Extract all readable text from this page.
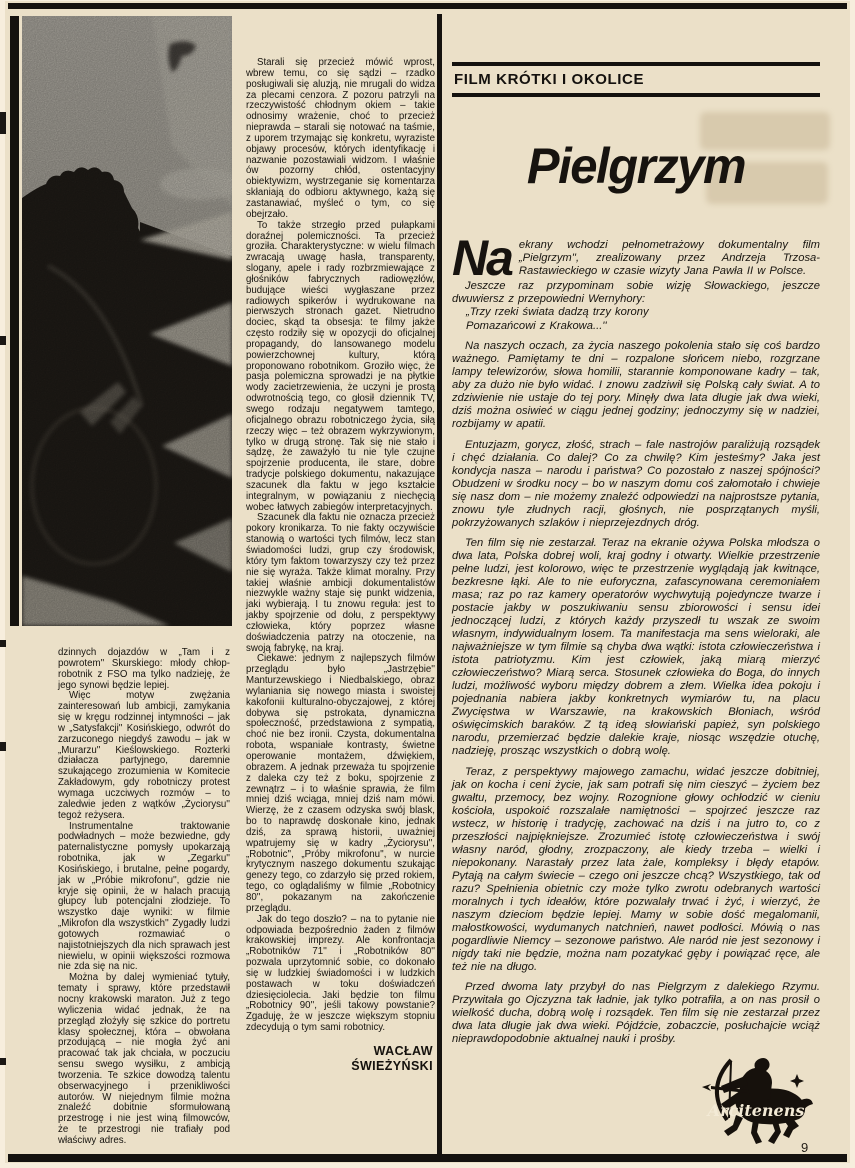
dzinnych dojazdów w „Tam i z powrotem'' Skurskiego: młody chłop-robotnik z FSO ma tylko nadzieję, że jego synowi będzie lepiej.

Więc motyw zwężania zainteresowań lub ambicji, zamykania się w kręgu rodzinnej intymności – jak w „Satysfakcji'' Kosińskiego, odwrót do zarzuconego niegdyś zawodu – jak w „Murarzu'' Kieślowskiego. Rozterki działacza partyjnego, daremnie szukającego zrozumienia w Komitecie Zakładowym, gdy robotniczy protest wymaga uczciwych rozmów – to zaledwie jeden z wątków „Życiorysu'' tegoż reżysera.

Instrumentalne traktowanie podwładnych – może bezwiedne, gdy paternalistyczne pomysły upokarzają robotnika, jak w „Zegarku'' Kosińskiego, i brutalne, pełne pogardy, jak w „Próbie mikrofonu'', gdzie nie kryje się opinii, że w halach pracują głupcy lub potencjalni złodzieje. To wszystko daje wyniki: w filmie „Mikrofon dla wszystkich'' Zygadły ludzi gotowych rozmawiać o najistotniejszych dla nich sprawach jest niewielu, w opinii większości rozmowa nie zda się na nic.

Można by dalej wymieniać tytuły, tematy i sprawy, które przedstawił nocny krakowski maraton. Już z tego wyliczenia widać jednak, że na przegląd złożyły się szkice do portretu klasy społecznej, która – obwołana przodującą – nie mogła żyć ani pracować tak jak chciała, w poczuciu sensu swego wysiłku, z ambicją tworzenia. Te szkice dowodzą talentu obserwacyjnego i przenikliwości autorów. W niejednym filmie można znaleźć dobitnie sformułowaną przestrogę i nie jest winą filmowców, że te przestrogi nie trafiały pod właściwy adres.

Starali się przecież mówić wprost, wbrew temu, co się sądzi – rzadko posługiwali się aluzją, nie mrugali do widza za plecami cenzora. Z pozoru patrzyli na rzeczywistość chłodnym okiem – takie odnosimy wrażenie, choć to przecież nieprawda – starali się notować na taśmie, z uporem trzymając się konkretu, wyraziste objawy procesów, których identyfikację i nazwanie pozostawiali widzom. I właśnie ów pozorny chłód, ostentacyjny obiektywizm, wystrzeganie się komentarza skłaniają do odbioru aktywnego, każą się zastanawiać, myśleć o tym, co się obejrzało.

To także strzegło przed pułapkami doraźnej polemiczności. Ta przecież groziła. Charakterystyczne: w wielu filmach zwracają uwagę hasła, transparenty, slogany, apele i rady rozbrzmiewające z głośników fabrycznych radiowęzłów, budujące wieści wygłaszane przez radiowych spikerów i wydrukowane na pierwszych stronach gazet. Nietrudno dociec, skąd ta obsesja: te filmy jakże często rodziły się w opozycji do oficjalnej propagandy, do lansowanego modelu powierzchownej kultury, którą proponowano robotnikom. Groziło więc, że pasja polemiczna sprowadzi je na płytkie wody zacietrzewienia, że uczyni je prostą odwrotnością tego, co głosił dziennik TV, swego rodzaju negatywem tamtego, oficjalnego obrazu robotniczego życia, siłą rzeczy więc – też obrazem wykrzywionym, tylko w drugą stronę. Tak się nie stało i sądzę, że zaważyło tu nie tyle czujne spojrzenie producenta, ile stare, dobre tradycje polskiego dokumentu, nakazujące szacunek dla faktu w jego kształcie integralnym, w powiązaniu z niechęcią wobec łatwych zabiegów interpretacyjnych.

Szacunek dla faktu nie oznacza przecież pokory kronikarza. To nie fakty oczywiście stanowią o wartości tych filmów, lecz stan świadomości ludzi, grup czy środowisk, który tym faktom towarzyszy czy też przez nie się wyraża. Także klimat moralny. Przy takiej właśnie ambicji dokumentalistów niezwykle ważny staje się punkt widzenia, jaki wybierają. I tu znowu reguła: jest to jakby spojrzenie od dołu, z perspektywy człowieka, który poprzez własne doświadczenia patrzy na otoczenie, na swoją fabrykę, na kraj.

Ciekawe: jednym z najlepszych filmów przeglądu było „Jastrzębie'' Manturzewskiego i Niedbalskiego, obraz wylaniania się nowego miasta i swoistej kakofonii kulturalno-obyczajowej, z której dobywa się pstrokata, dynamiczna społeczność, przedstawiona z sympatią, choć nie bez ironii. Czysta, dokumentalna robota, wspaniałe kontrasty, świetne operowanie montażem, dźwiękiem, obrazem. A jednak przeważa tu spojrzenie z daleka czy też z boku, spojrzenie z zewnątrz – i to właśnie sprawia, że film mniej dziś wciąga, mniej dziś nam mówi. Wierzę, że z czasem odzyska swój blask, bo to naprawdę doskonałe kino, jednak dziś, za sprawą historii, uważniej wpatrujemy się w kadry „Życiorysu'', „Robotnic'', „Próby mikrofonu'', w nurcie krytycznym naszego dokumentu szukając genezy tego, co zdarzyło się przed rokiem, tego, co oglądaliśmy w filmie „Robotnicy 80'', pokazanym na zakończenie przeglądu.

Jak do tego doszło? – na to pytanie nie odpowiada bezpośrednio żaden z filmów krakowskiej imprezy. Ale konfrontacja „Robotników 71'' i „Robotników 80'' pozwala uprzytomnić sobie, co dokonało się w ludzkiej świadomości i w ludzkich postawach w toku doświadczeń dziesięciolecia. Jaki będzie ton filmu „Robotnicy 90'', jeśli takowy powstanie? Zgaduję, że w jeszcze większym stopniu zdecydują o tym sami robotnicy.

WACŁAW
ŚWIEŻYŃSKI
FILM KRÓTKI I OKOLICE
Pielgrzym
Na ekrany wchodzi pełnometrażowy dokumentalny film „Pielgrzym'', zrealizowany przez Andrzeja Trzosa-Rastawieckiego w czasie wizyty Jana Pawła II w Polsce.

Jeszcze raz przypominam sobie wizję Słowackiego, jeszcze dwuwiersz z przepowiedni Wernyhory:

„Trzy rzeki świata dadzą trzy korony
Pomazańcowi z Krakowa...''

Na naszych oczach, za życia naszego pokolenia stało się coś bardzo ważnego. Pamiętamy te dni – rozpalone słońcem niebo, rozgrzane lampy telewizorów, słowa homilii, starannie komponowane kadry – tak, aby za dużo nie było widać. I znowu zadziwił się Polską cały świat. A to zdziwienie nie ustaje do tej pory. Minęły dwa lata długie jak dwa wieki, dziś można osiwieć w ciągu jednej godziny; jednoczymy się w nadziei, rozbijamy w apatii.

Entuzjazm, gorycz, złość, strach – fale nastrojów paraliżują rozsądek i chęć działania. Co dalej? Co za chwilę? Kim jesteśmy? Jaka jest kondycja nasza – narodu i państwa? Co pozostało z naszej spójności? Obudzeni w środku nocy – bo w naszym domu coś załomotało i chwieje się nasz dom – nie możemy znaleźć odpowiedzi na najprostsze pytania, znowu tyle złudnych racji, głośnych, nie posprzątanych myśli, pokrzyżowanych szlaków i nieprzejezdnych dróg.

Ten film się nie zestarzał. Teraz na ekranie ożywa Polska młodsza o dwa lata, Polska dobrej woli, kraj godny i otwarty. Wielkie przestrzenie pełne ludzi, jest kolorowo, więc te przestrzenie wyglądają jak kwitnące, bezkresne łąki. Ale to nie euforyczna, zafascynowana ceremoniałem masa; raz po raz kamery operatorów wychwytują pojedyncze twarze i postacie jakby w poszukiwaniu sensu zbiorowości i sensu idei jednoczącej ludzi, z których każdy przyszedł tu wszak ze swoim własnym, indywidualnym losem. Ta manifestacja ma sens wieloraki, ale najważniejsze w tym filmie są chyba dwa wątki: istota człowieczeństwa i istota patriotyzmu. Kim jest człowiek, jaką miarą mierzyć człowieczeństwo? Miarą serca. Stosunek człowieka do Boga, do innych ludzi, możliwość wyboru między dobrem a złem. Wielka idea pokoju i pojednania nabiera jakby konkretnych wymiarów tu, na placu Zwycięstwa w Warszawie, na krakowskich Błoniach, wśród oświęcimskich baraków. Z tą ideą słowiański papież, syn polskiego narodu, przemierzać będzie dalekie kraje, niosąc wszędzie otuchę, nadzieję, prosząc wszystkich o dobrą wolę.

Teraz, z perspektywy majowego zamachu, widać jeszcze dobitniej, jak on kocha i ceni życie, jak sam potrafi się nim cieszyć – życiem bez gwałtu, przemocy, bez wojny. Rozognione głowy ochłodzić w cieniu kościoła, uspokoić rozszalałe namiętności – spojrzeć jeszcze raz wstecz, w historię i tradycję, zachować na dziś i na jutro to, co z przeszłości najpiękniejsze. Zrozumieć istotę człowieczeństwa i swój własny naród, głodny, zrozpaczony, ale kiedy trzeba – wielki i niepokonany. Narastały przez lata żale, kompleksy i błędy etapów. Pytają na całym świecie – czego oni jeszcze chcą? Wszystkiego, tak od razu? Spełnienia obietnic czy może tylko zwrotu odebranych wartości moralnych i tych ideałów, które pozwalały trwać i żyć, i wierzyć, że naszym dzieciom będzie lepiej. Mamy w sobie dość megalomanii, małostkowości, wydumanych natchnień, nawet podłości. Mówią o nas pogardliwie Niemcy – sezonowe państwo. Ale naród nie jest sezonowy i nigdy taki nie będzie, można nam pozatykać gęby i powiązać ręce, ale też nie na długo.

Przed dwoma laty przybył do nas Pielgrzym z dalekiego Rzymu. Przywitała go Ojczyzna tak ładnie, jak tylko potrafiła, a on nas prosił o wielkość ducha, dobrą wolę i rozsądek. Ten film się nie zestarzał przez dwa lata długie jak dwa wieki. Pójdźcie, zobaczcie, posłuchajcie wciąż nieprawdopodobnie aktualnej nauki i prośby.

Arcitenens
9
